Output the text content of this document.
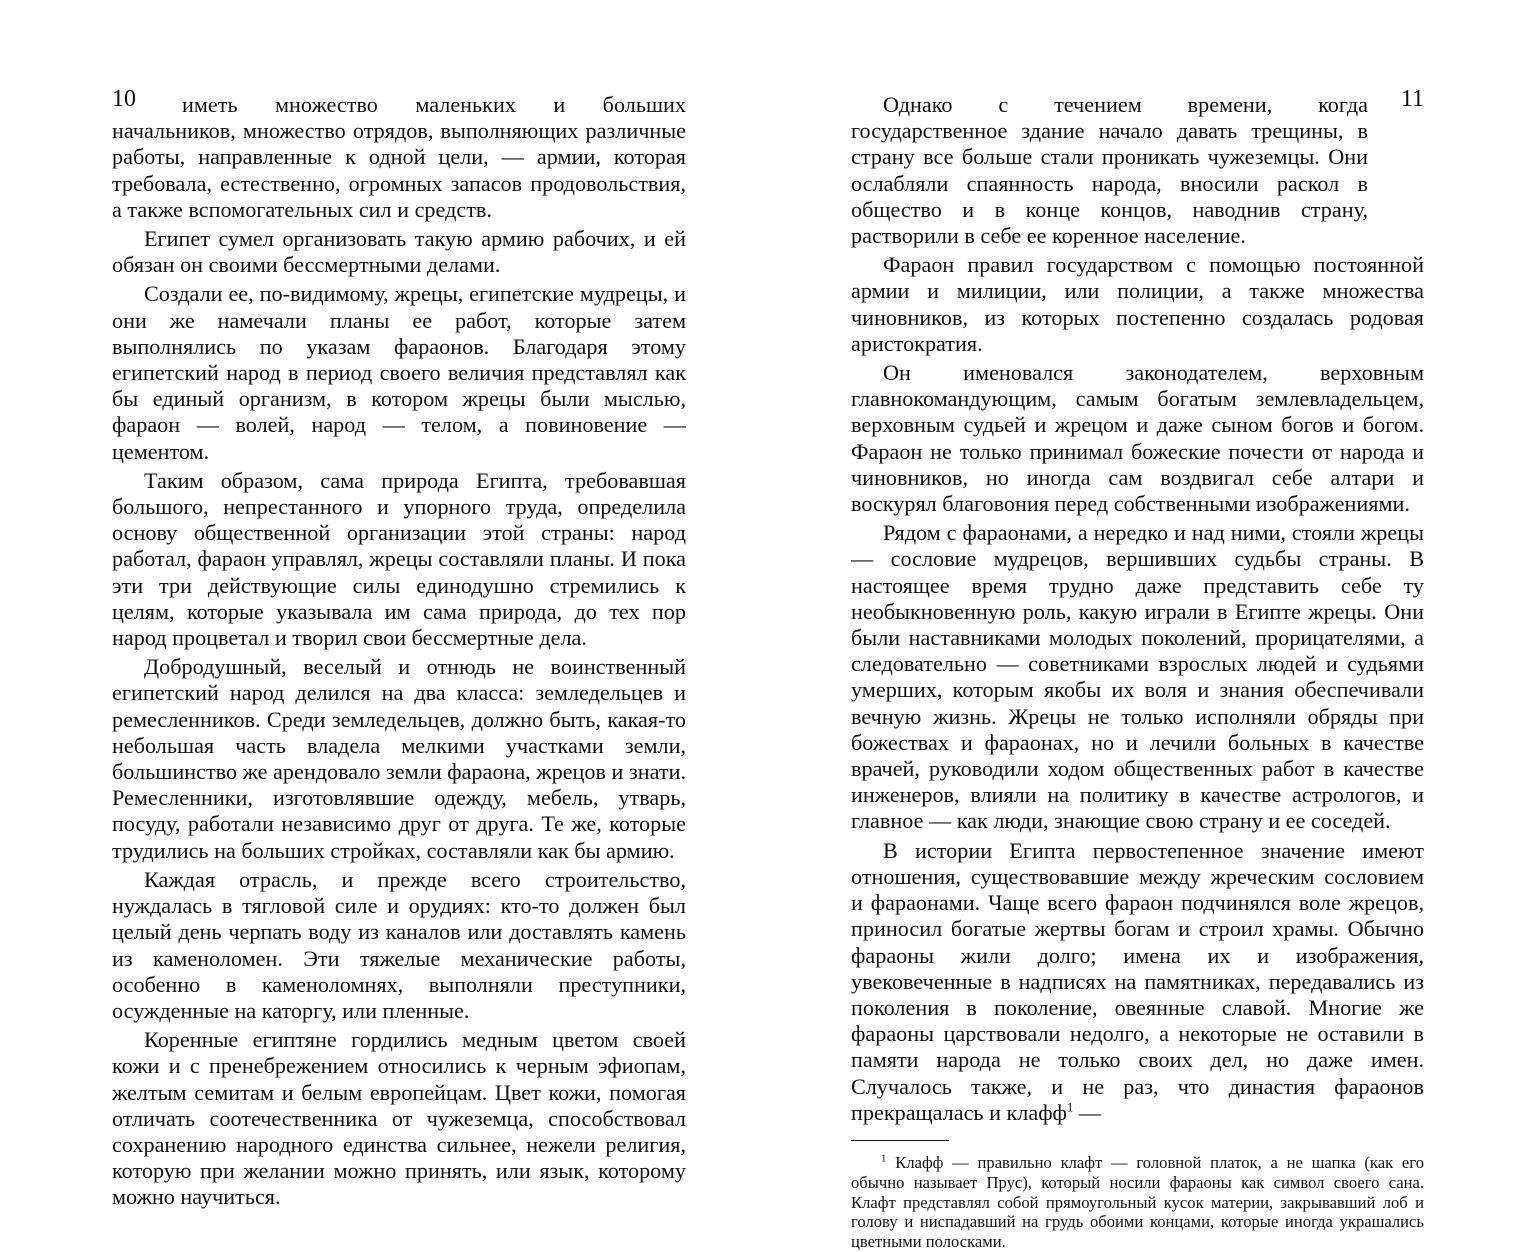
10	иметь множество маленьких и больших начальников, множество отрядов, выполняющих различные работы, направленные к одной цели, — армии, которая требовала, естественно, огромных запасов продовольствия, а также вспомогательных сил и средств.

Египет сумел организовать такую армию рабочих, и ей обязан он своими бессмертными делами.

Создали ее, по-видимому, жрецы, египетские мудрецы, и они же намечали планы ее работ, которые затем выполнялись по указам фараонов. Благодаря этому египетский народ в период своего величия представлял как бы единый организм, в котором жрецы были мыслью, фараон — волей, народ — телом, а повиновение — цементом.

Таким образом, сама природа Египта, требовавшая большого, непрестанного и упорного труда, определила основу общественной организации этой страны: народ работал, фараон управлял, жрецы составляли планы. И пока эти три действующие силы единодушно стремились к целям, которые указывала им сама природа, до тех пор народ процветал и творил свои бессмертные дела.

Добродушный, веселый и отнюдь не воинственный египетский народ делился на два класса: земледельцев и ремесленников. Среди земледельцев, должно быть, какая-то небольшая часть владела мелкими участками земли, большинство же арендовало земли фараона, жрецов и знати. Ремесленники, изготовлявшие одежду, мебель, утварь, посуду, работали независимо друг от друга. Те же, которые трудились на больших стройках, составляли как бы армию.

Каждая отрасль, и прежде всего строительство, нуждалась в тягловой силе и орудиях: кто-то должен был целый день черпать воду из каналов или доставлять камень из каменоломен. Эти тяжелые механические работы, особенно в каменоломнях, выполняли преступники, осужденные на каторгу, или пленные.

Коренные египтяне гордились медным цветом своей кожи и с пренебрежением относились к черным эфиопам, желтым семитам и белым европейцам. Цвет кожи, помогая отличать соотечественника от чужеземца, способствовал сохранению народного единства сильнее, нежели религия, которую при желании можно принять, или язык, которому можно научиться.

11

Однако с течением времени, когда государственное здание начало давать трещины, в страну все больше стали проникать чужеземцы. Они ослабляли спаянность народа, вносили раскол в общество и в конце концов, наводнив страну, растворили в себе ее коренное население.

Фараон правил государством с помощью постоянной армии и милиции, или полиции, а также множества чиновников, из которых постепенно создалась родовая аристократия.

Он именовался законодателем, верховным главнокомандующим, самым богатым землевладельцем, верховным судьей и жрецом и даже сыном богов и богом. Фараон не только принимал божеские почести от народа и чиновников, но иногда сам воздвигал себе алтари и воскурял благовония перед собственными изображениями.

Рядом с фараонами, а нередко и над ними, стояли жрецы — сословие мудрецов, вершивших судьбы страны. В настоящее время трудно даже представить себе ту необыкновенную роль, какую играли в Египте жрецы. Они были наставниками молодых поколений, прорицателями, а следовательно — советниками взрослых людей и судьями умерших, которым якобы их воля и знания обеспечивали вечную жизнь. Жрецы не только исполняли обряды при божествах и фараонах, но и лечили больных в качестве врачей, руководили ходом общественных работ в качестве инженеров, влияли на политику в качестве астрологов, и главное — как люди, знающие свою страну и ее соседей.

В истории Египта первостепенное значение имеют отношения, существовавшие между жреческим сословием и фараонами. Чаще всего фараон подчинялся воле жрецов, приносил богатые жертвы богам и строил храмы. Обычно фараоны жили долго; имена их и изображения, увековеченные в надписях на памятниках, передавались из поколения в поколение, овеянные славой. Многие же фараоны царствовали недолго, а некоторые не оставили в памяти народа не только своих дел, но даже имен. Случалось также, и не раз, что династия фараонов прекращалась и клафф$^1$ —

$^1$ Клафф — правильно клафт — головной платок, а не шапка (как его обычно называет Прус), который носили фараоны как символ своего сана. Клафт представлял собой прямоугольный кусок материи, закрывавший лоб и голову и ниспадавший на грудь обоими концами, которые иногда украшались цветными полосками.
